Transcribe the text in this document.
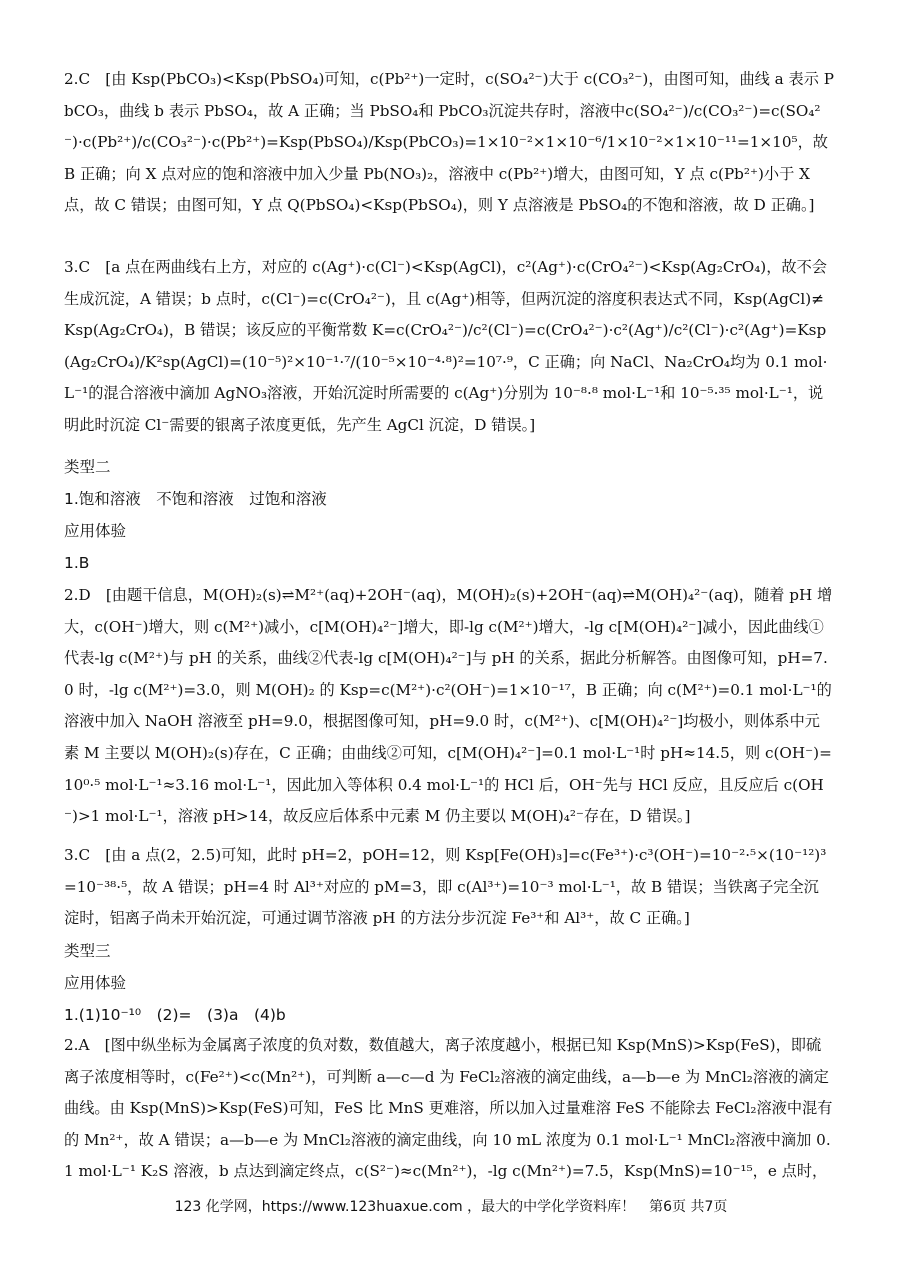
2.C　[由 Ksp(PbCO₃)<Ksp(PbSO₄)可知，c(Pb²⁺)一定时，c(SO₄²⁻)大于 c(CO₃²⁻)，由图可知，曲线 a 表示 PbCO₃，曲线 b 表示 PbSO₄，故 A 正确；当 PbSO₄和 PbCO₃沉淀共存时，溶液中c(SO₄²⁻)/c(CO₃²⁻)=c(SO₄²⁻)·c(Pb²⁺)/c(CO₃²⁻)·c(Pb²⁺)=Ksp(PbSO₄)/Ksp(PbCO₃)=1×10⁻²×1×10⁻⁶/1×10⁻²×1×10⁻¹¹=1×10⁵，故 B 正确；向 X 点对应的饱和溶液中加入少量 Pb(NO₃)₂，溶液中 c(Pb²⁺)增大，由图可知，Y 点 c(Pb²⁺)小于 X 点，故 C 错误；由图可知，Y 点 Q(PbSO₄)<Ksp(PbSO₄)，则 Y 点溶液是 PbSO₄的不饱和溶液，故 D 正确。]
3.C　[a 点在两曲线右上方，对应的 c(Ag⁺)·c(Cl⁻)<Ksp(AgCl)，c²(Ag⁺)·c(CrO₄²⁻)<Ksp(Ag₂CrO₄)，故不会生成沉淀，A 错误；b 点时，c(Cl⁻)=c(CrO₄²⁻)，且 c(Ag⁺)相等，但两沉淀的溶度积表达式不同，Ksp(AgCl)≠Ksp(Ag₂CrO₄)，B 错误；该反应的平衡常数 K=c(CrO₄²⁻)/c²(Cl⁻)=c(CrO₄²⁻)·c²(Ag⁺)/c²(Cl⁻)·c²(Ag⁺)=Ksp(Ag₂CrO₄)/K²sp(AgCl)=(10⁻⁵)²×10⁻¹·⁷/(10⁻⁵×10⁻⁴·⁸)²=10⁷·⁹，C 正确；向 NaCl、Na₂CrO₄均为 0.1 mol·L⁻¹的混合溶液中滴加 AgNO₃溶液，开始沉淀时所需要的 c(Ag⁺)分别为 10⁻⁸·⁸ mol·L⁻¹和 10⁻⁵·³⁵ mol·L⁻¹，说明此时沉淀 Cl⁻需要的银离子浓度更低，先产生 AgCl 沉淀，D 错误。]
类型二
1.饱和溶液　不饱和溶液　过饱和溶液
应用体验
1.B
2.D　[由题干信息，M(OH)₂(s)⇌M²⁺(aq)+2OH⁻(aq)，M(OH)₂(s)+2OH⁻(aq)⇌M(OH)₄²⁻(aq)，随着 pH 增大，c(OH⁻)增大，则 c(M²⁺)减小，c[M(OH)₄²⁻]增大，即-lg c(M²⁺)增大，-lg c[M(OH)₄²⁻]减小，因此曲线①代表-lg c(M²⁺)与 pH 的关系，曲线②代表-lg c[M(OH)₄²⁻]与 pH 的关系，据此分析解答。由图像可知，pH=7.0 时，-lg c(M²⁺)=3.0，则 M(OH)₂ 的 Ksp=c(M²⁺)·c²(OH⁻)=1×10⁻¹⁷，B 正确；向 c(M²⁺)=0.1 mol·L⁻¹的溶液中加入 NaOH 溶液至 pH=9.0，根据图像可知，pH=9.0 时，c(M²⁺)、c[M(OH)₄²⁻]均极小，则体系中元素 M 主要以 M(OH)₂(s)存在，C 正确；由曲线②可知，c[M(OH)₄²⁻]=0.1 mol·L⁻¹时 pH≈14.5，则 c(OH⁻)=10⁰·⁵ mol·L⁻¹≈3.16 mol·L⁻¹，因此加入等体积 0.4 mol·L⁻¹的 HCl 后，OH⁻先与 HCl 反应，且反应后 c(OH⁻)>1 mol·L⁻¹，溶液 pH>14，故反应后体系中元素 M 仍主要以 M(OH)₄²⁻存在，D 错误。]
3.C　[由 a 点(2，2.5)可知，此时 pH=2，pOH=12，则 Ksp[Fe(OH)₃]=c(Fe³⁺)·c³(OH⁻)=10⁻²·⁵×(10⁻¹²)³=10⁻³⁸·⁵，故 A 错误；pH=4 时 Al³⁺对应的 pM=3，即 c(Al³⁺)=10⁻³ mol·L⁻¹，故 B 错误；当铁离子完全沉淀时，铝离子尚未开始沉淀，可通过调节溶液 pH 的方法分步沉淀 Fe³⁺和 Al³⁺，故 C 正确。]
类型三
应用体验
1.(1)10⁻¹⁰　(2)=　(3)a　(4)b
2.A　[图中纵坐标为金属离子浓度的负对数，数值越大，离子浓度越小，根据已知 Ksp(MnS)>Ksp(FeS)，即硫离子浓度相等时，c(Fe²⁺)<c(Mn²⁺)，可判断 a—c—d 为 FeCl₂溶液的滴定曲线，a—b—e 为 MnCl₂溶液的滴定曲线。由 Ksp(MnS)>Ksp(FeS)可知，FeS 比 MnS 更难溶，所以加入过量难溶 FeS 不能除去 FeCl₂溶液中混有的 Mn²⁺，故 A 错误；a—b—e 为 MnCl₂溶液的滴定曲线，向 10 mL 浓度为 0.1 mol·L⁻¹ MnCl₂溶液中滴加 0.1 mol·L⁻¹ K₂S 溶液，b 点达到滴定终点，c(S²⁻)≈c(Mn²⁺)，-lg c(Mn²⁺)=7.5，Ksp(MnS)=10⁻¹⁵，e 点时，
123 化学网，https://www.123huaxue.com ，最大的中学化学资料库！　第6页 共7页
